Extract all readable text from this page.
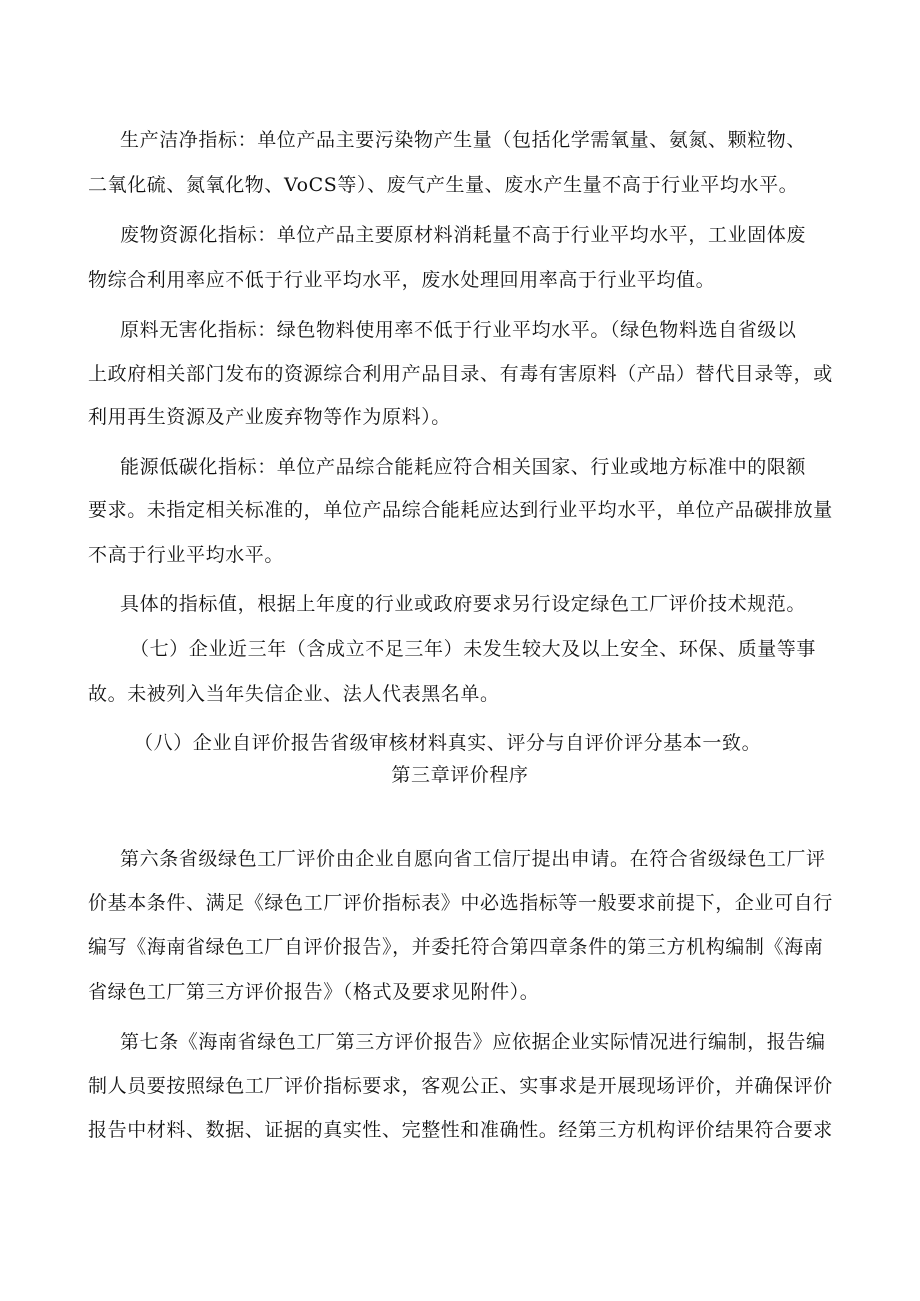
生产洁净指标：单位产品主要污染物产生量（包括化学需氧量、氨氮、颗粒物、
二氧化硫、氮氧化物、VoCS等）、废气产生量、废水产生量不高于行业平均水平。
废物资源化指标：单位产品主要原材料消耗量不高于行业平均水平，工业固体废
物综合利用率应不低于行业平均水平，废水处理回用率高于行业平均值。
原料无害化指标：绿色物料使用率不低于行业平均水平。（绿色物料选自省级以
上政府相关部门发布的资源综合利用产品目录、有毒有害原料（产品）替代目录等，或
利用再生资源及产业废弃物等作为原料）。
能源低碳化指标：单位产品综合能耗应符合相关国家、行业或地方标准中的限额
要求。未指定相关标准的，单位产品综合能耗应达到行业平均水平，单位产品碳排放量
不高于行业平均水平。
具体的指标值，根据上年度的行业或政府要求另行设定绿色工厂评价技术规范。
（七）企业近三年（含成立不足三年）未发生较大及以上安全、环保、质量等事
故。未被列入当年失信企业、法人代表黑名单。
（八）企业自评价报告省级审核材料真实、评分与自评价评分基本一致。
第三章评价程序
第六条省级绿色工厂评价由企业自愿向省工信厅提出申请。在符合省级绿色工厂评
价基本条件、满足《绿色工厂评价指标表》中必选指标等一般要求前提下，企业可自行
编写《海南省绿色工厂自评价报告》，并委托符合第四章条件的第三方机构编制《海南
省绿色工厂第三方评价报告》（格式及要求见附件）。
第七条《海南省绿色工厂第三方评价报告》应依据企业实际情况进行编制，报告编
制人员要按照绿色工厂评价指标要求，客观公正、实事求是开展现场评价，并确保评价
报告中材料、数据、证据的真实性、完整性和准确性。经第三方机构评价结果符合要求
